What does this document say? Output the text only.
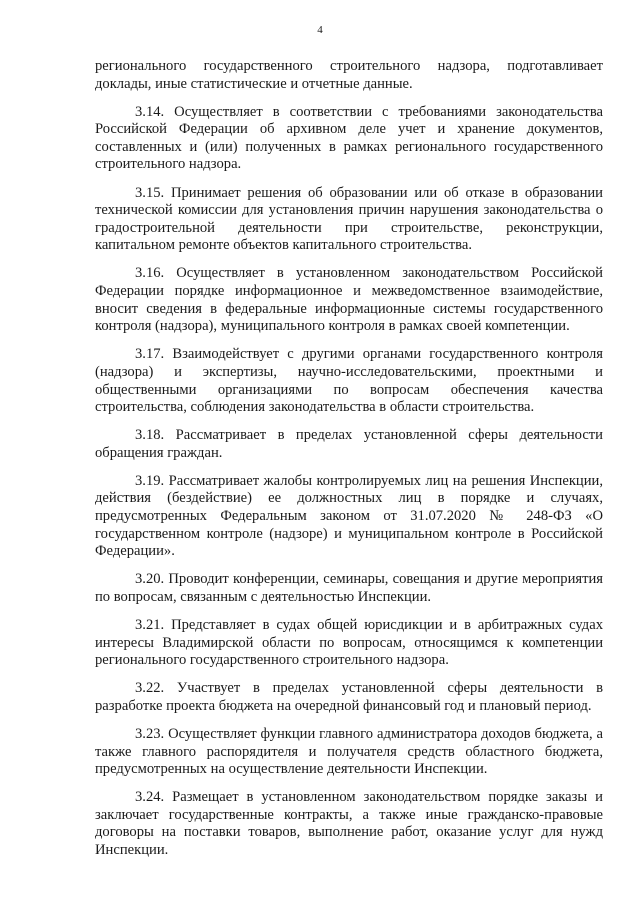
4

регионального государственного строительного надзора, подготавливает доклады, иные статистические и отчетные данные.

3.14. Осуществляет в соответствии с требованиями законодательства Российской Федерации об архивном деле учет и хранение документов, составленных и (или) полученных в рамках регионального государственного строительного надзора.

3.15. Принимает решения об образовании или об отказе в образовании технической комиссии для установления причин нарушения законодательства о градостроительной деятельности при строительстве, реконструкции, капитальном ремонте объектов капитального строительства.

3.16. Осуществляет в установленном законодательством Российской Федерации порядке информационное и межведомственное взаимодействие, вносит сведения в федеральные информационные системы государственного контроля (надзора), муниципального контроля в рамках своей компетенции.

3.17. Взаимодействует с другими органами государственного контроля (надзора) и экспертизы, научно-исследовательскими, проектными и общественными организациями по вопросам обеспечения качества строительства, соблюдения законодательства в области строительства.

3.18. Рассматривает в пределах установленной сферы деятельности обращения граждан.

3.19. Рассматривает жалобы контролируемых лиц на решения Инспекции, действия (бездействие) ее должностных лиц в порядке и случаях, предусмотренных Федеральным законом от 31.07.2020 № 248-ФЗ «О государственном контроле (надзоре) и муниципальном контроле в Российской Федерации».

3.20. Проводит конференции, семинары, совещания и другие мероприятия по вопросам, связанным с деятельностью Инспекции.

3.21. Представляет в судах общей юрисдикции и в арбитражных судах интересы Владимирской области по вопросам, относящимся к компетенции регионального государственного строительного надзора.

3.22. Участвует в пределах установленной сферы деятельности в разработке проекта бюджета на очередной финансовый год и плановый период.

3.23. Осуществляет функции главного администратора доходов бюджета, а также главного распорядителя и получателя средств областного бюджета, предусмотренных на осуществление деятельности Инспекции.

3.24. Размещает в установленном законодательством порядке заказы и заключает государственные контракты, а также иные гражданско-правовые договоры на поставки товаров, выполнение работ, оказание услуг для нужд Инспекции.
